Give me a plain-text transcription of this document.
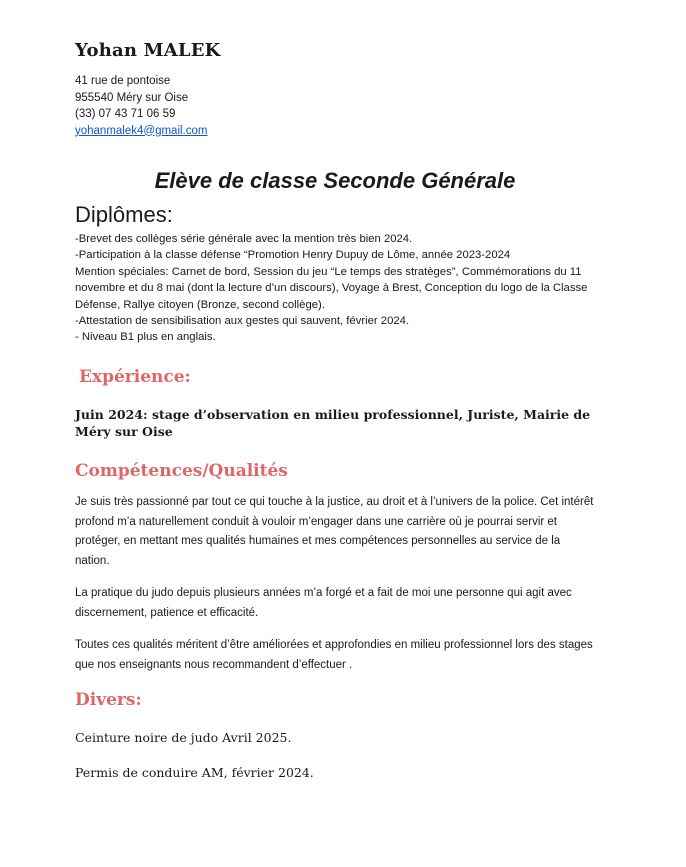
Yohan MALEK
41 rue de pontoise
955540 Méry sur Oise
(33) 07 43 71 06 59
yohanmalek4@gmail.com
Elève de classe Seconde Générale
Diplômes:
-Brevet des collèges série générale avec la mention très bien 2024.
-Participation à la classe défense “Promotion Henry Dupuy de Lôme, année 2023-2024
Mention spéciales: Carnet de bord, Session du jeu “Le temps des stratèges”, Commémorations du 11 novembre et du 8 mai (dont la lecture d’un discours), Voyage à Brest, Conception du logo de la Classe Défense, Rallye citoyen (Bronze, second collège).
-Attestation de sensibilisation aux gestes qui sauvent, février 2024.
- Niveau B1 plus en anglais.
Expérience:
Juin 2024: stage d’observation en milieu professionnel, Juriste, Mairie de Méry sur Oise
Compétences/Qualités
Je suis très passionné par tout ce qui touche à la justice, au droit et à l’univers de la police. Cet intérêt profond m’a naturellement conduit à vouloir m’engager dans une carrière où je pourrai servir et protéger, en mettant mes qualités humaines et mes compétences personnelles au service de la nation.
La pratique du judo depuis plusieurs années m’a forgé et a fait de moi une personne qui agit avec discernement, patience et efficacité.
Toutes ces qualités méritent d’être améliorées et approfondies en milieu professionnel lors des stages que nos enseignants nous recommandent d’effectuer .
Divers:
Ceinture noire de judo Avril 2025.
Permis de conduire AM, février 2024.
